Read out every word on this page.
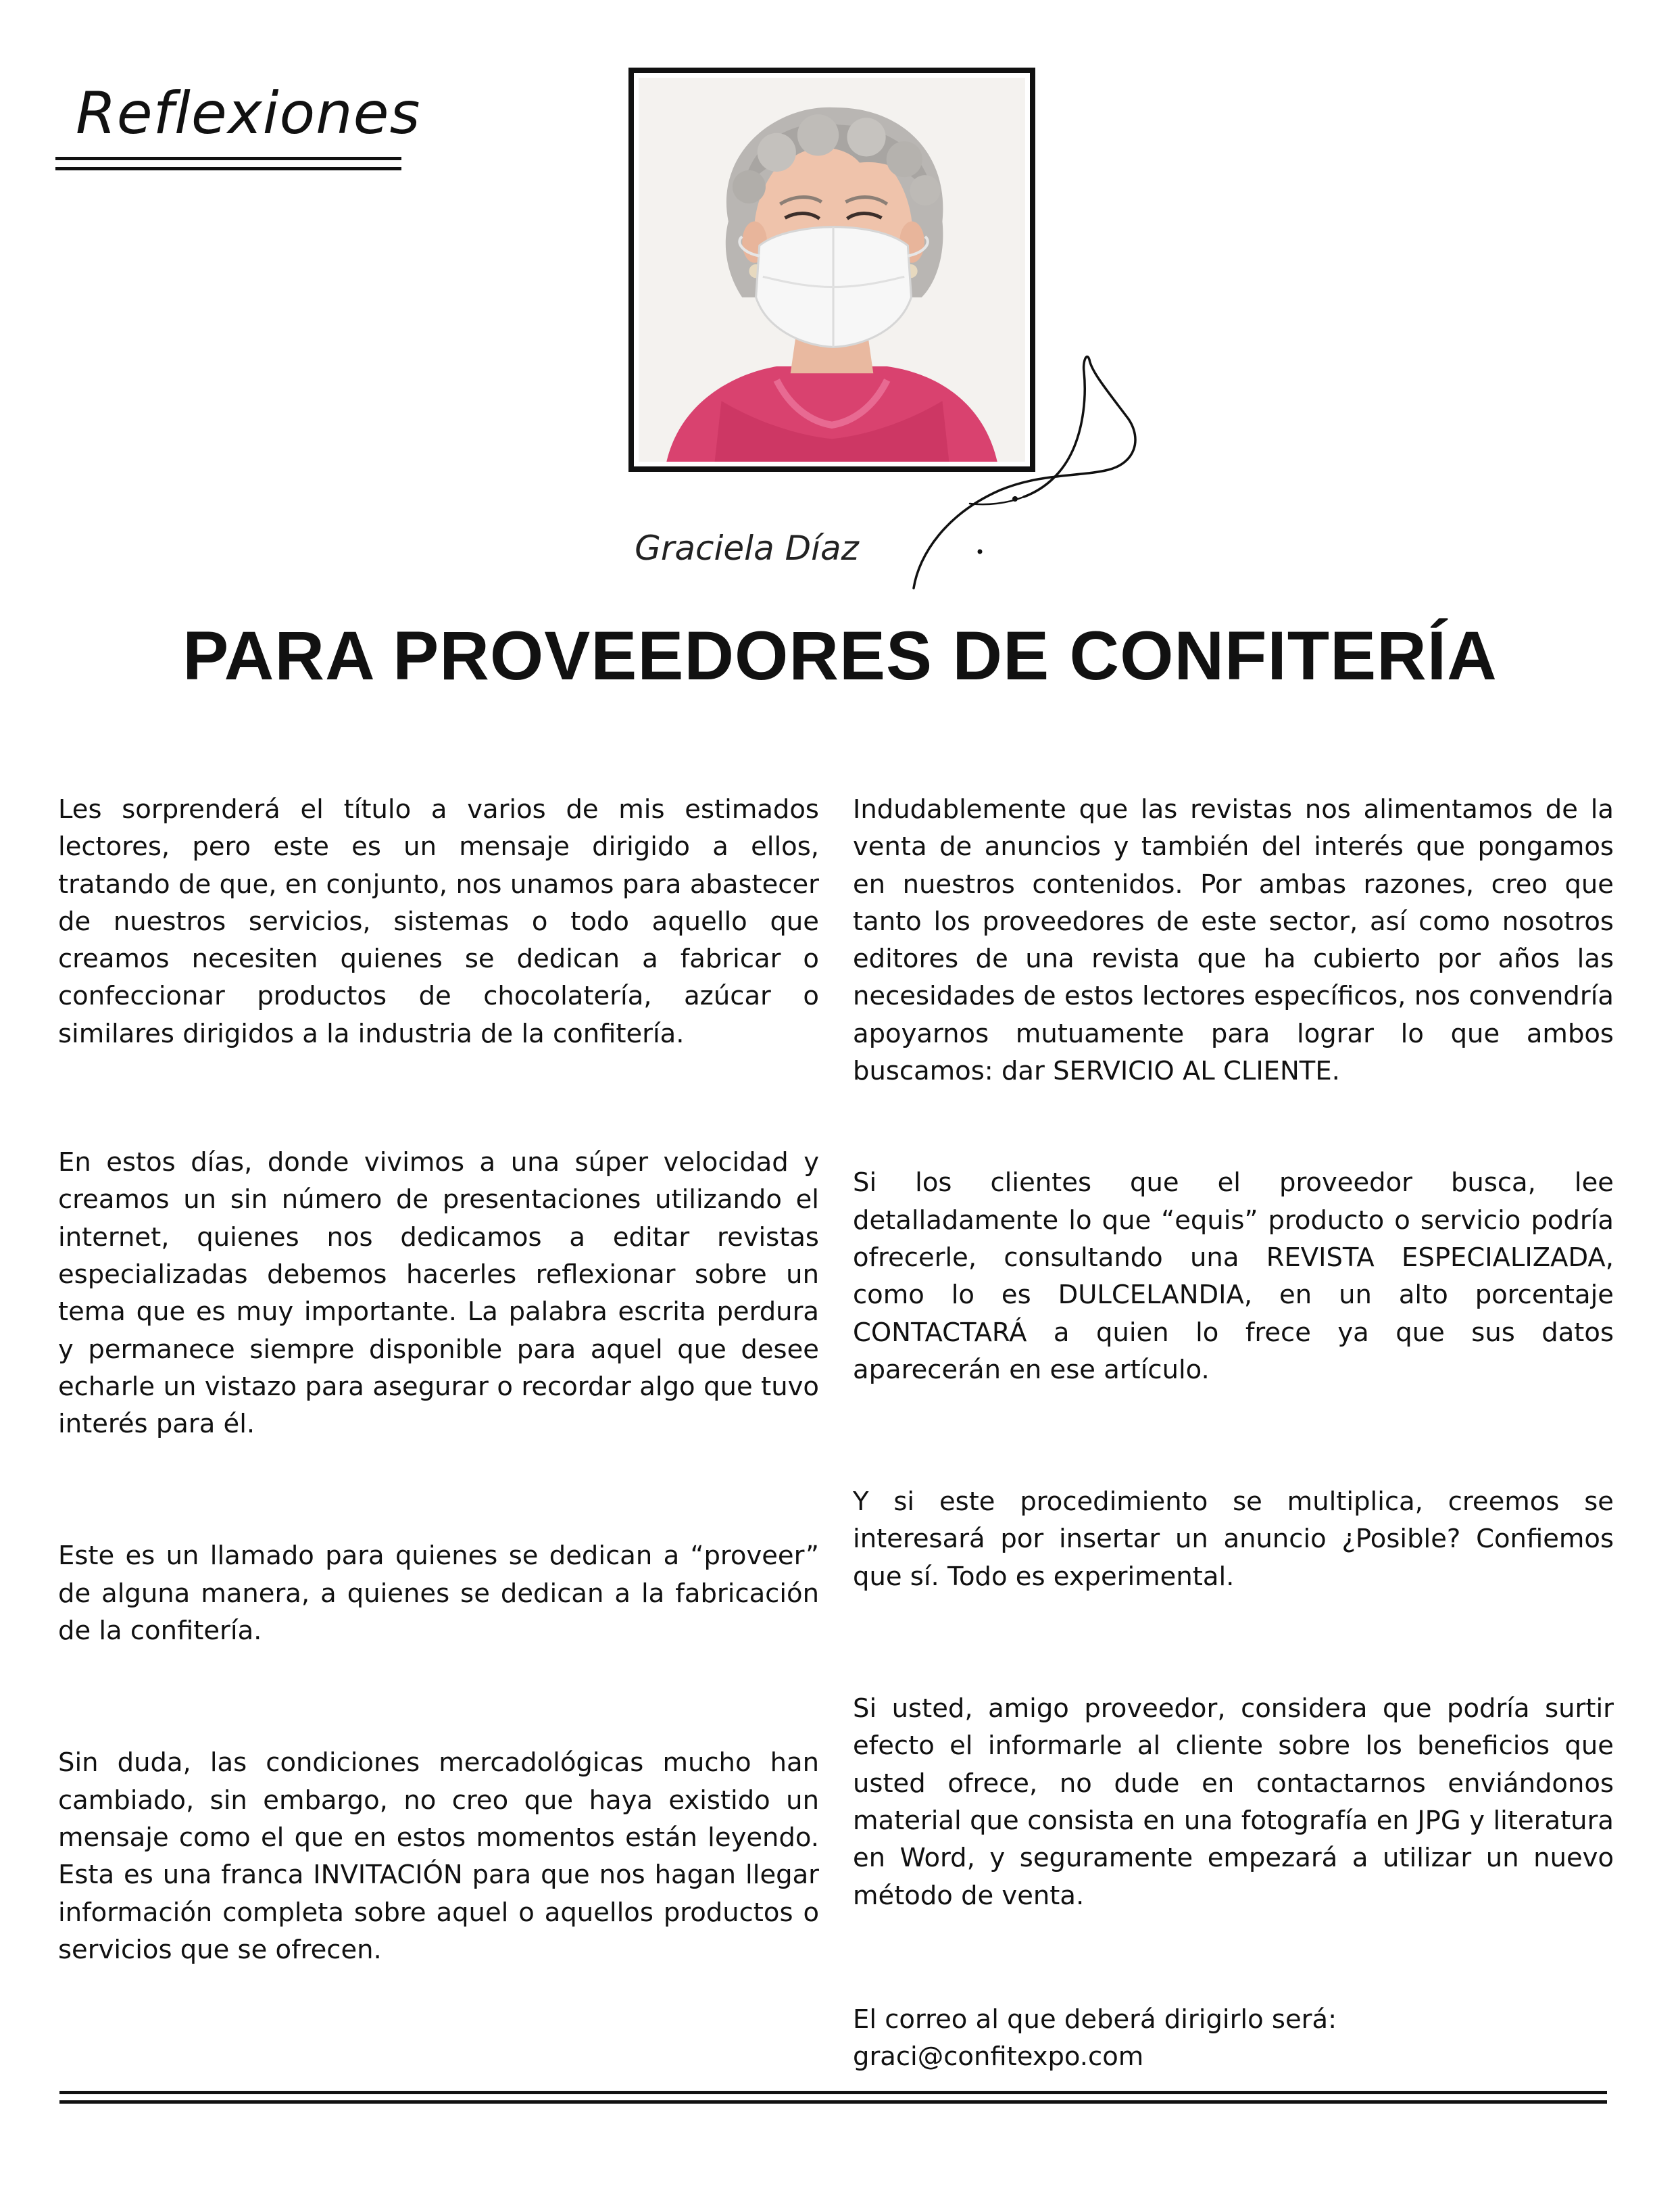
Reflexiones
Graciela Díaz
PARA PROVEEDORES DE CONFITERÍA

Les sorprenderá el título a varios de mis estimados lectores, pero este es un mensaje dirigido a ellos, tratando de que, en conjunto, nos unamos para abastecer de nuestros servicios, sistemas o todo aquello que creamos necesiten quienes se dedican a fabricar o confeccionar productos de chocolatería, azúcar o similares dirigidos a la industria de la confitería.

En estos días, donde vivimos a una súper velocidad y creamos un sin número de presentaciones utilizando el internet, quienes nos dedicamos a editar revistas especializadas debemos hacerles reflexionar sobre un tema que es muy importante. La palabra escrita perdura y permanece siempre disponible para aquel que desee echarle un vistazo para asegurar o recordar algo que tuvo interés para él.

Este es un llamado para quienes se dedican a “proveer” de alguna manera, a quienes se dedican a la fabricación de la confitería.

Sin duda, las condiciones mercadológicas mucho han cambiado, sin embargo, no creo que haya existido un mensaje como el que en estos momentos están leyendo. Esta es una franca INVITACIÓN para que nos hagan llegar información completa sobre aquel o aquellos productos o servicios que se ofrecen.

Indudablemente que las revistas nos alimentamos de la venta de anuncios y también del interés que pongamos en nuestros contenidos. Por ambas razones, creo que tanto los proveedores de este sector, así como nosotros editores de una revista que ha cubierto por años las necesidades de estos lectores específicos, nos convendría apoyarnos mutuamente para lograr lo que ambos buscamos: dar SERVICIO AL CLIENTE.

Si los clientes que el proveedor busca, lee detalladamente lo que “equis” producto o servicio podría ofrecerle, consultando una REVISTA ESPECIALIZADA, como lo es DULCELANDIA, en un alto porcentaje CONTACTARÁ a quien lo frece ya que sus datos aparecerán en ese artículo.

Y si este procedimiento se multiplica, creemos se interesará por insertar un anuncio ¿Posible? Confiemos que sí. Todo es experimental.

Si usted, amigo proveedor, considera que podría surtir efecto el informarle al cliente sobre los beneficios que usted ofrece, no dude en contactarnos enviándonos material que consista en una fotografía en JPG y literatura en Word, y seguramente empezará a utilizar un nuevo método de venta.

El correo al que deberá dirigirlo será: graci@confitexpo.com
